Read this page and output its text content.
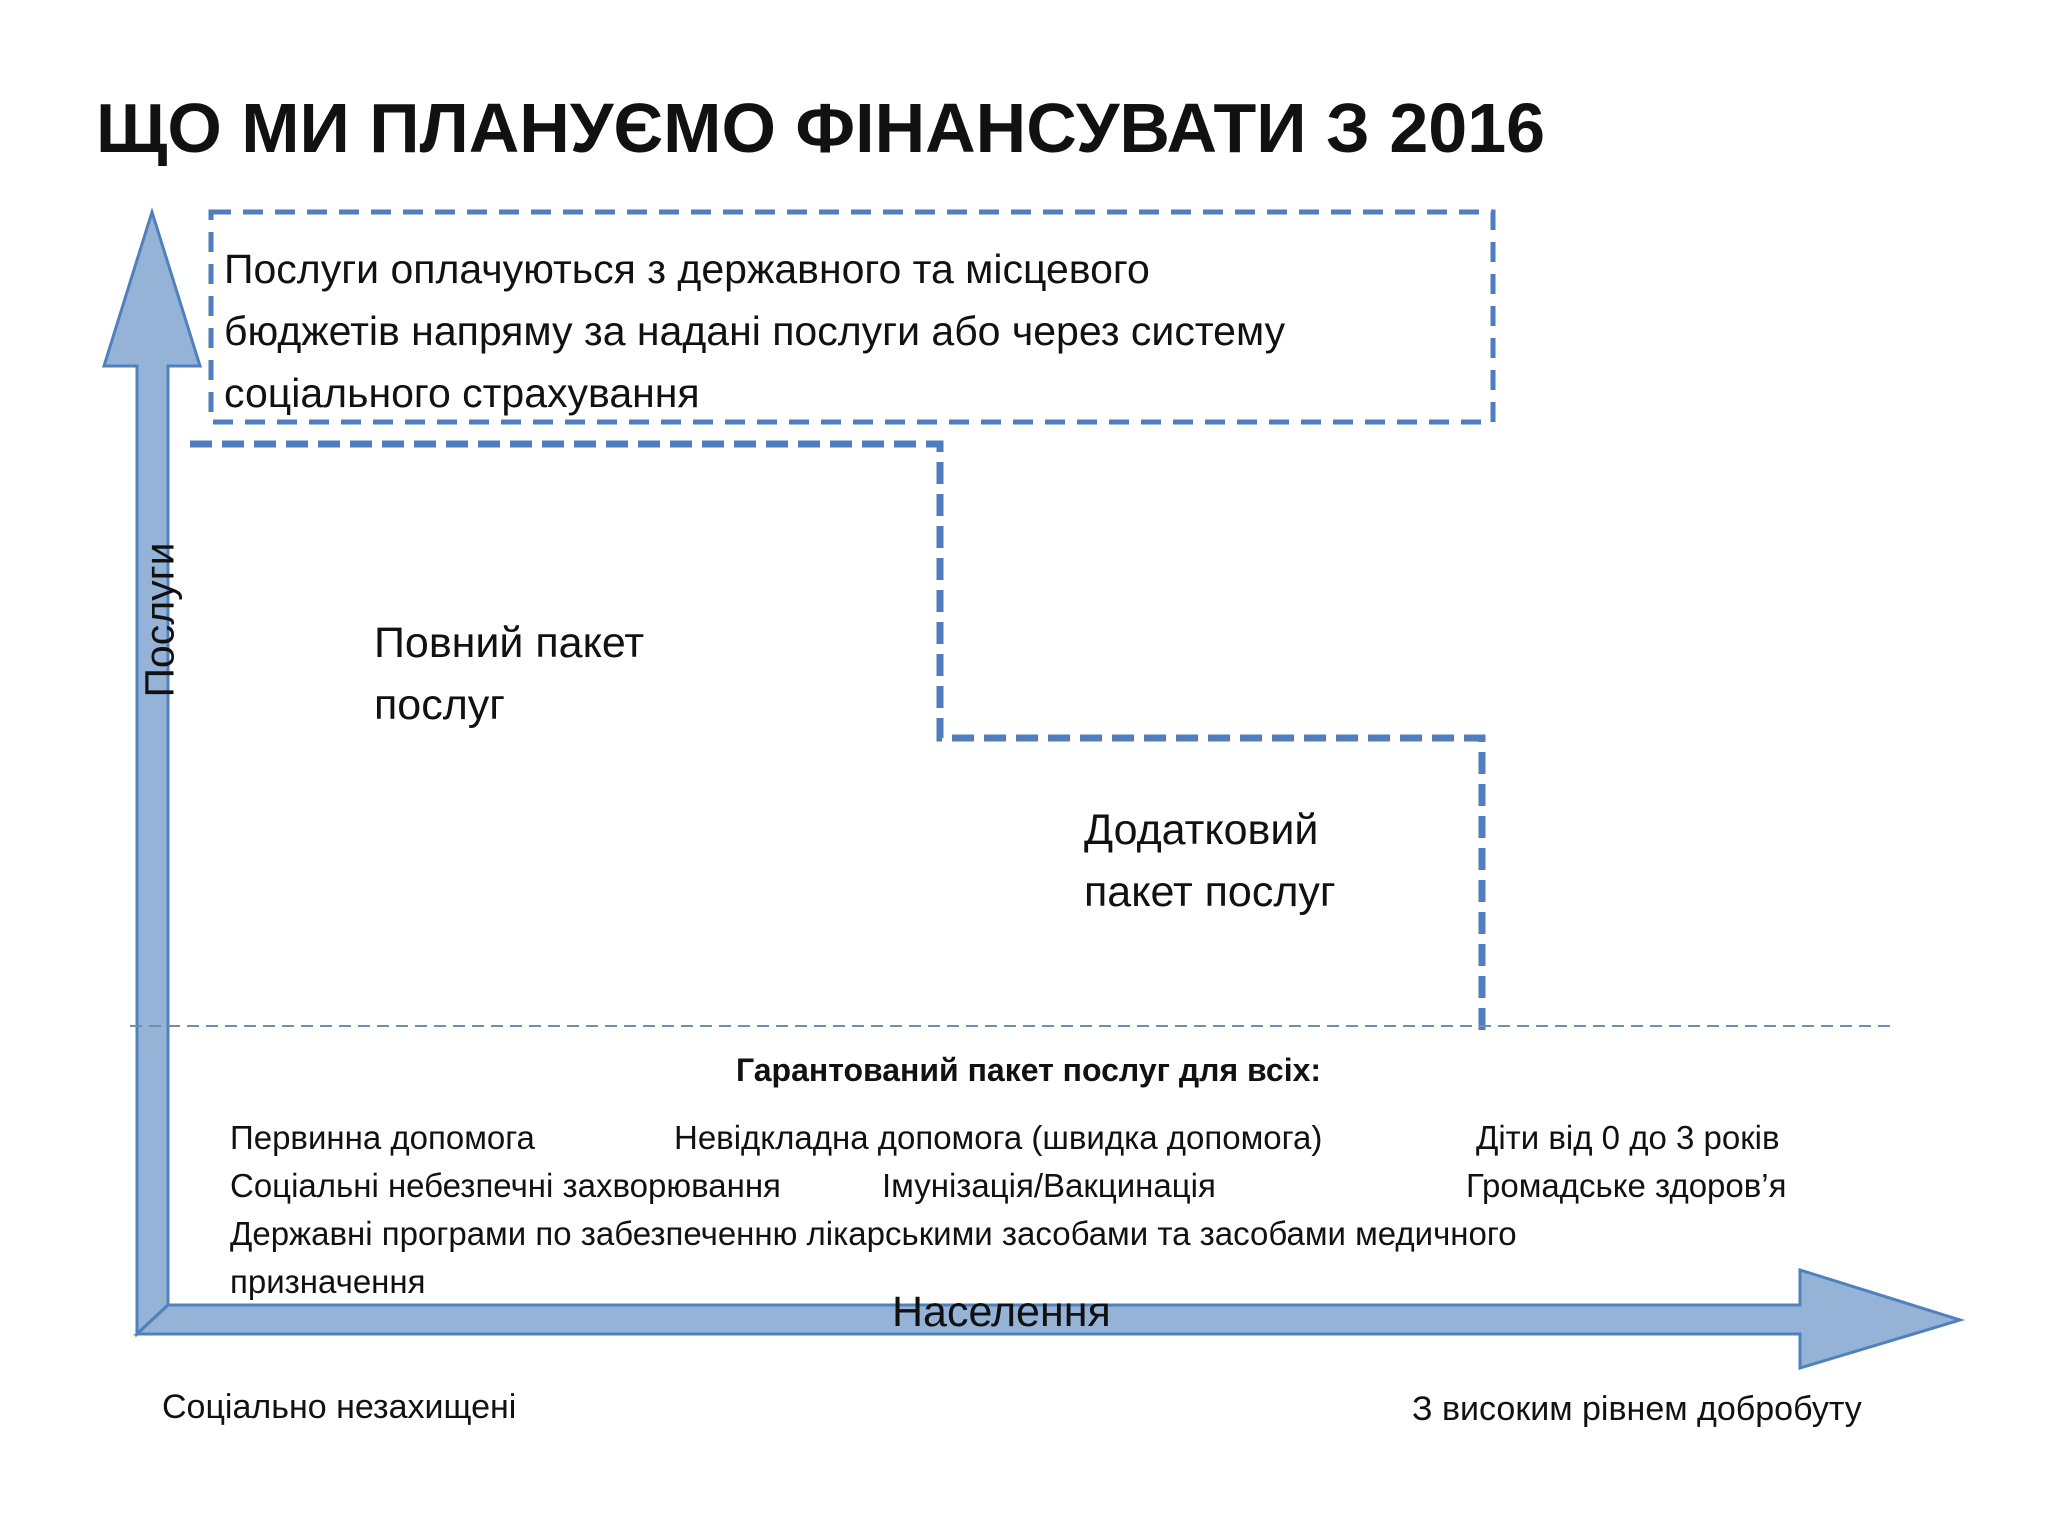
ЩО МИ ПЛАНУЄМО ФІНАНСУВАТИ З 2016
Послуги оплачуються з державного та місцевого
бюджетів напряму за надані послуги або через систему
соціального страхування
Повний пакет
послуг
Додатковий
пакет послуг
Послуги
Населення
Гарантований пакет послуг для всіх:
Первинна допомога	Невідкладна допомога (швидка допомога)	Діти від 0 до 3 років
Соціальні небезпечні захворювання	Імунізація/Вакцинація	Громадське здоров’я
Державні програми по забезпеченню лікарськими засобами та засобами медичного
призначення
Соціально незахищені	З високим рівнем добробуту
